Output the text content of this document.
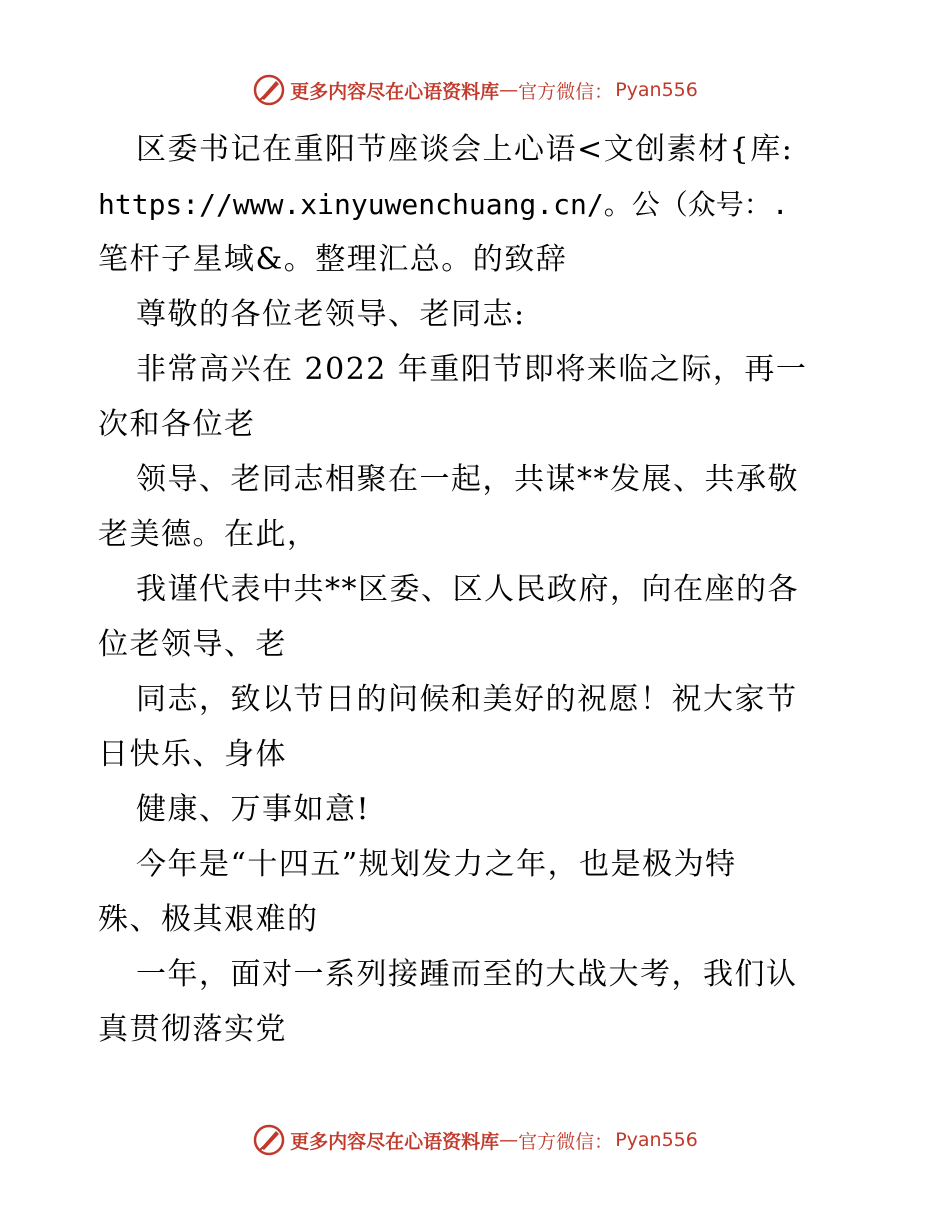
更多内容尽在心语资料库 — 官方微信： Pyan556
区委书记在重阳节座谈会上心语<文创素材{库:
https://www.xinyuwenchuang.cn/。公（众号：.
笔杆子星域&。整理汇总。的致辞
尊敬的各位老领导、老同志:
非常高兴在 2022 年重阳节即将来临之际，再一
次和各位老
领导、老同志相聚在一起，共谋**发展、共承敬
老美德。在此，
我谨代表中共**区委、区人民政府，向在座的各
位老领导、老
同志，致以节日的问候和美好的祝愿！祝大家节
日快乐、身体
健康、万事如意!
今年是“十四五”规划发力之年，也是极为特
殊、极其艰难的
一年，面对一系列接踵而至的大战大考，我们认
真贯彻落实党
更多内容尽在心语资料库 — 官方微信： Pyan556
